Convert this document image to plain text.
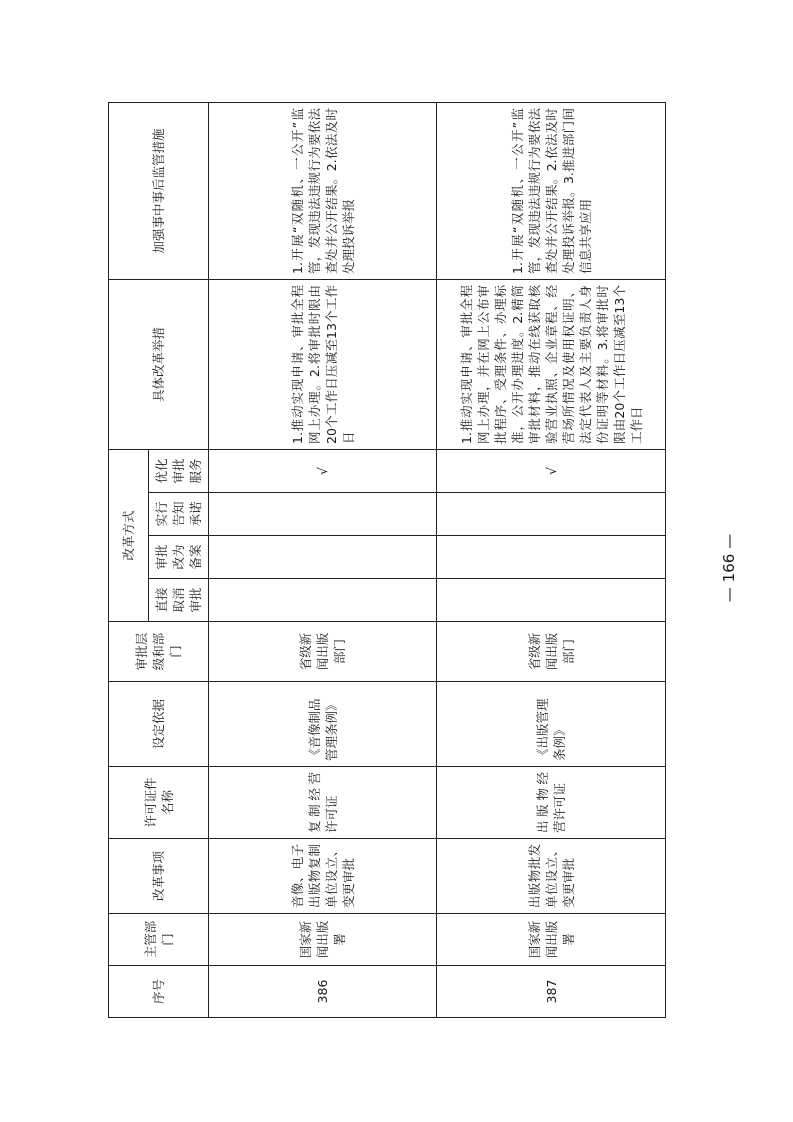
序号	主管部门	改革事项	许可证件名称	设定依据	审批层级和部门	改革方式				具体改革举措	加强事中事后监管措施
						直接取消审批	审批改为备案	实行告知承诺	优化审批服务		
386	国家新闻出版署	音像、电子出版物复制单位设立、变更审批	复制经营许可证	《音像制品管理条例》	省级新闻出版部门				√	1.推动实现申请、审批全程网上办理。2.将审批时限由20个工作日压减至13个工作日	1.开展“双随机、一公开”监管，发现违法违规行为要依法查处并公开结果。2.依法及时处理投诉举报
387	国家新闻出版署	出版物批发单位设立、变更审批	出版物经营许可证	《出版管理条例》	省级新闻出版部门				√	1.推动实现申请、审批全程网上办理，并在网上公布审批程序、受理条件、办理标准，公开办理进度。2.精简审批材料，推动在线获取核验营业执照、企业章程、经营场所情况及使用权证明、法定代表人及主要负责人身份证明等材料。3.将审批时限由20个工作日压减至13个工作日	1.开展“双随机、一公开”监管，发现违法违规行为要依法查处并公开结果。2.依法及时处理投诉举报。3.推进部门间信息共享应用
— 166 —
